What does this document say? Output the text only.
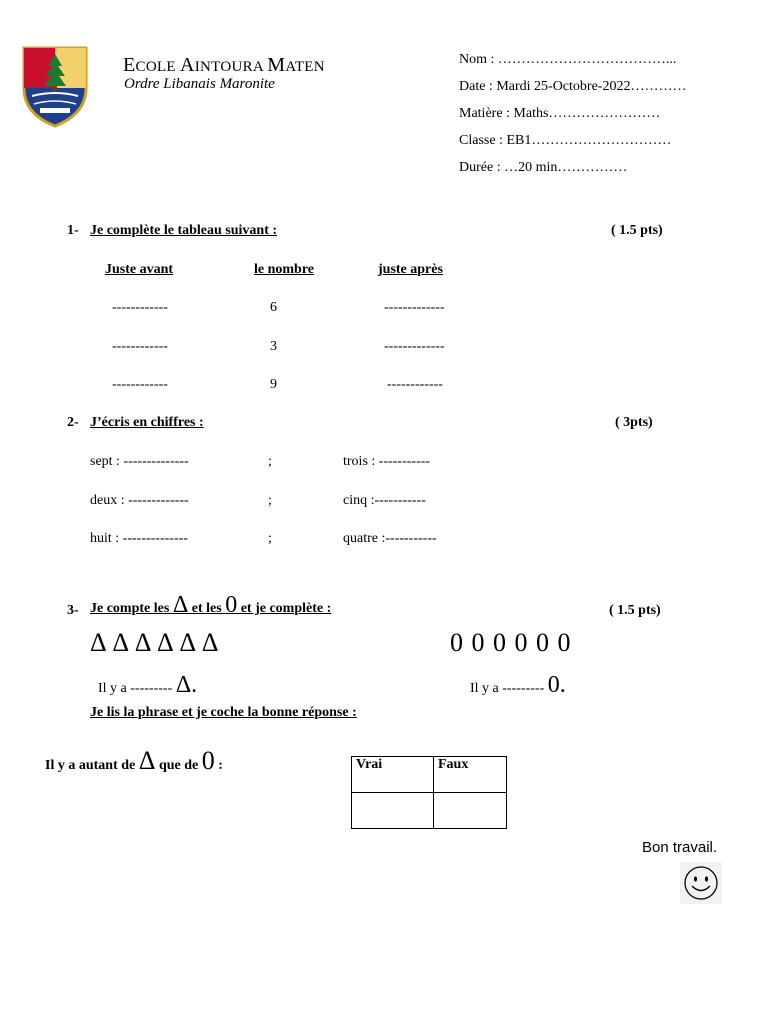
ECOLE AINTOURA MATEN
Ordre Libanais Maronite
Nom : ………………………………...
Date : Mardi 25-Octobre-2022…………
Matière : Maths……………………
Classe : EB1…………………………
Durée : …20 min……………
1- Je complète le tableau suivant :	( 1.5 pts)
Juste avant	le nombre	juste après
------------	6	-------------
------------	3	-------------
------------	9	------------
2- J’écris en chiffres :	( 3pts)
sept : --------------	;	trois : -----------
deux : -------------	;	cinq :-----------
huit : --------------	;	quatre :-----------
3- Je compte les Δ et les 0 et je complète :	( 1.5 pts)
Δ Δ Δ Δ Δ Δ	0 0 0 0 0 0
Il y a --------- Δ.	Il y a --------- 0.
Je lis la phrase et je coche la bonne réponse :
Il y a autant de Δ que de 0 :	Vrai	Faux

Bon travail.
